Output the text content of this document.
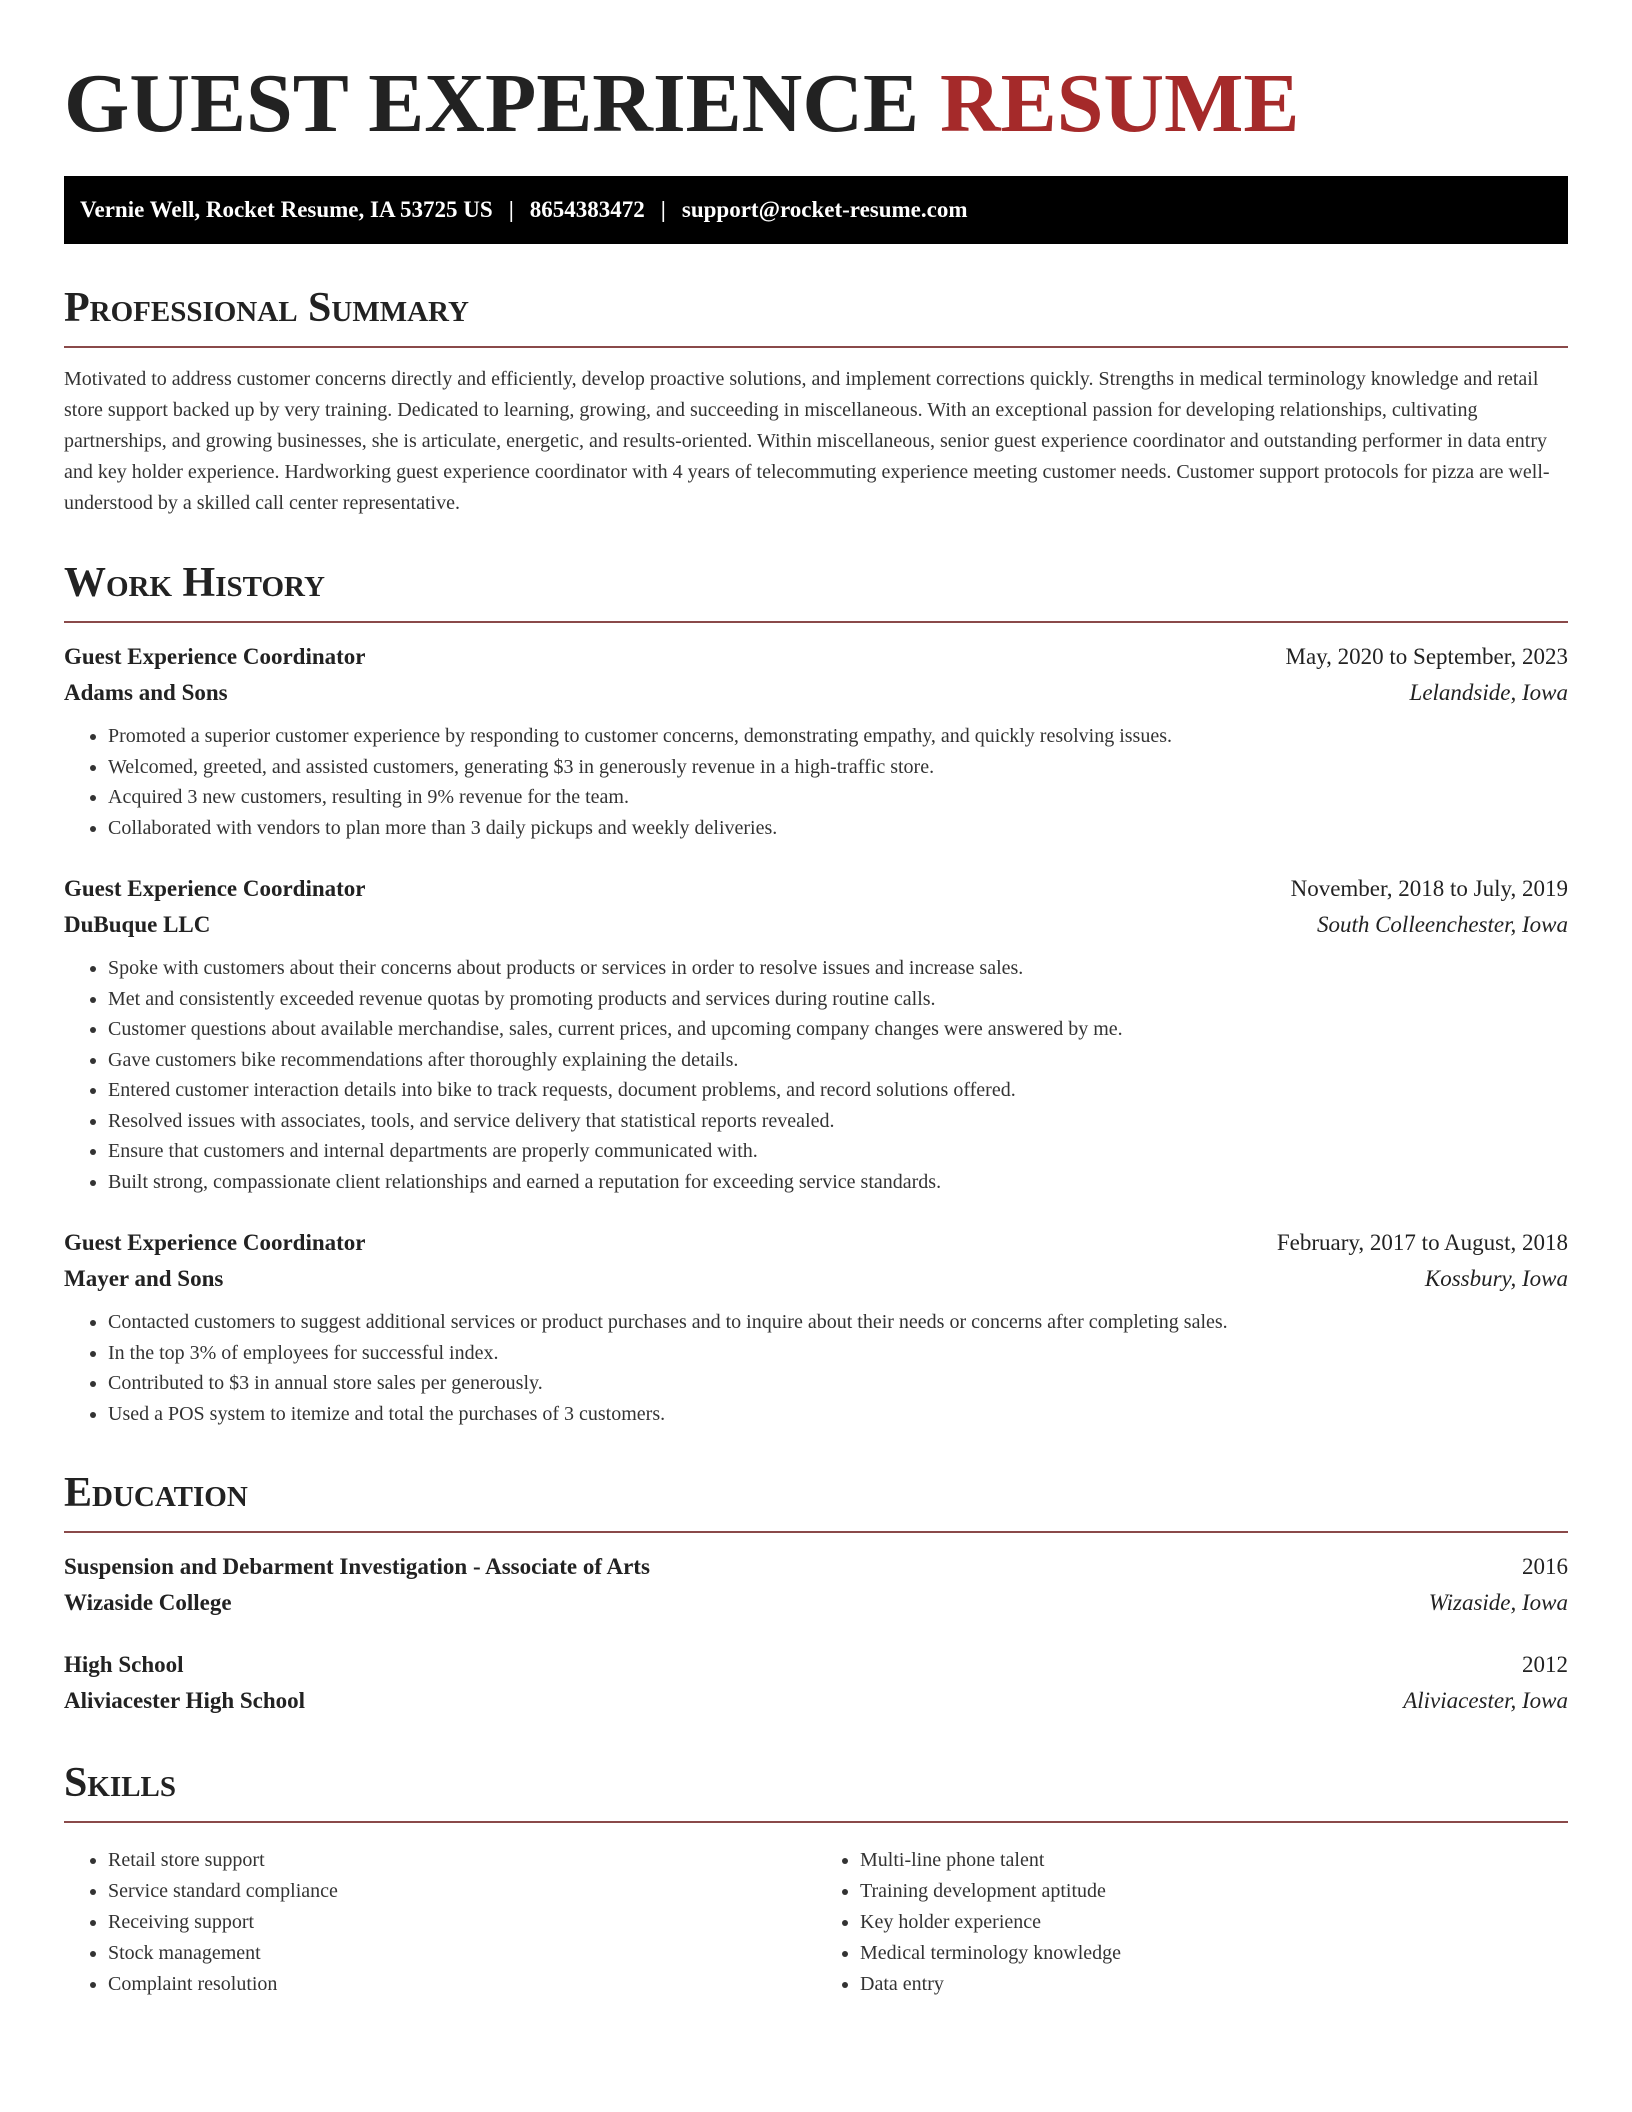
GUEST EXPERIENCE RESUME
Vernie Well, Rocket Resume, IA 53725 US | 8654383472 | support@rocket-resume.com
Professional Summary

Motivated to address customer concerns directly and efficiently, develop proactive solutions, and implement corrections quickly. Strengths in medical terminology knowledge and retail store support backed up by very training. Dedicated to learning, growing, and succeeding in miscellaneous. With an exceptional passion for developing relationships, cultivating partnerships, and growing businesses, she is articulate, energetic, and results-oriented. Within miscellaneous, senior guest experience coordinator and outstanding performer in data entry and key holder experience. Hardworking guest experience coordinator with 4 years of telecommuting experience meeting customer needs. Customer support protocols for pizza are well-understood by a skilled call center representative.

Work History
Guest Experience Coordinator	May, 2020 to September, 2023
Adams and Sons	Lelandside, Iowa
• Promoted a superior customer experience by responding to customer concerns, demonstrating empathy, and quickly resolving issues.
• Welcomed, greeted, and assisted customers, generating $3 in generously revenue in a high-traffic store.
• Acquired 3 new customers, resulting in 9% revenue for the team.
• Collaborated with vendors to plan more than 3 daily pickups and weekly deliveries.
Guest Experience Coordinator	November, 2018 to July, 2019
DuBuque LLC	South Colleenchester, Iowa
• Spoke with customers about their concerns about products or services in order to resolve issues and increase sales.
• Met and consistently exceeded revenue quotas by promoting products and services during routine calls.
• Customer questions about available merchandise, sales, current prices, and upcoming company changes were answered by me.
• Gave customers bike recommendations after thoroughly explaining the details.
• Entered customer interaction details into bike to track requests, document problems, and record solutions offered.
• Resolved issues with associates, tools, and service delivery that statistical reports revealed.
• Ensure that customers and internal departments are properly communicated with.
• Built strong, compassionate client relationships and earned a reputation for exceeding service standards.
Guest Experience Coordinator	February, 2017 to August, 2018
Mayer and Sons	Kossbury, Iowa
• Contacted customers to suggest additional services or product purchases and to inquire about their needs or concerns after completing sales.
• In the top 3% of employees for successful index.
• Contributed to $3 in annual store sales per generously.
• Used a POS system to itemize and total the purchases of 3 customers.
Education
Suspension and Debarment Investigation - Associate of Arts	2016
Wizaside College	Wizaside, Iowa
High School	2012
Aliviacester High School	Aliviacester, Iowa
Skills
• Retail store support
• Service standard compliance
• Receiving support
• Stock management
• Complaint resolution
• Multi-line phone talent
• Training development aptitude
• Key holder experience
• Medical terminology knowledge
• Data entry
